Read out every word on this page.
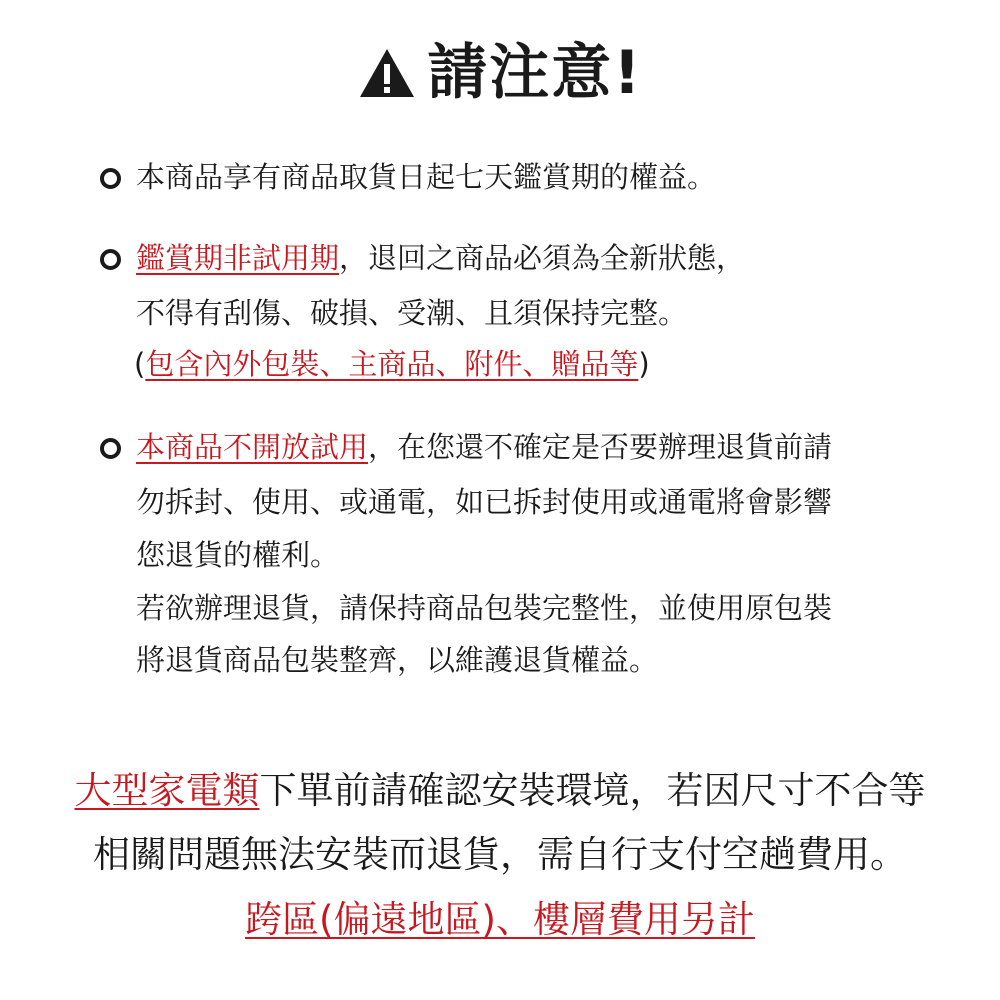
請注意!
本商品享有商品取貨日起七天鑑賞期的權益。
鑑賞期非試用期，退回之商品必須為全新狀態，
不得有刮傷、破損、受潮、且須保持完整。
(包含內外包裝、主商品、附件、贈品等)
本商品不開放試用，在您還不確定是否要辦理退貨前請
勿拆封、使用、或通電，如已拆封使用或通電將會影響
您退貨的權利。
若欲辦理退貨，請保持商品包裝完整性，並使用原包裝
將退貨商品包裝整齊，以維護退貨權益。
大型家電類下單前請確認安裝環境，若因尺寸不合等
相關問題無法安裝而退貨，需自行支付空趟費用。
跨區(偏遠地區)、樓層費用另計
